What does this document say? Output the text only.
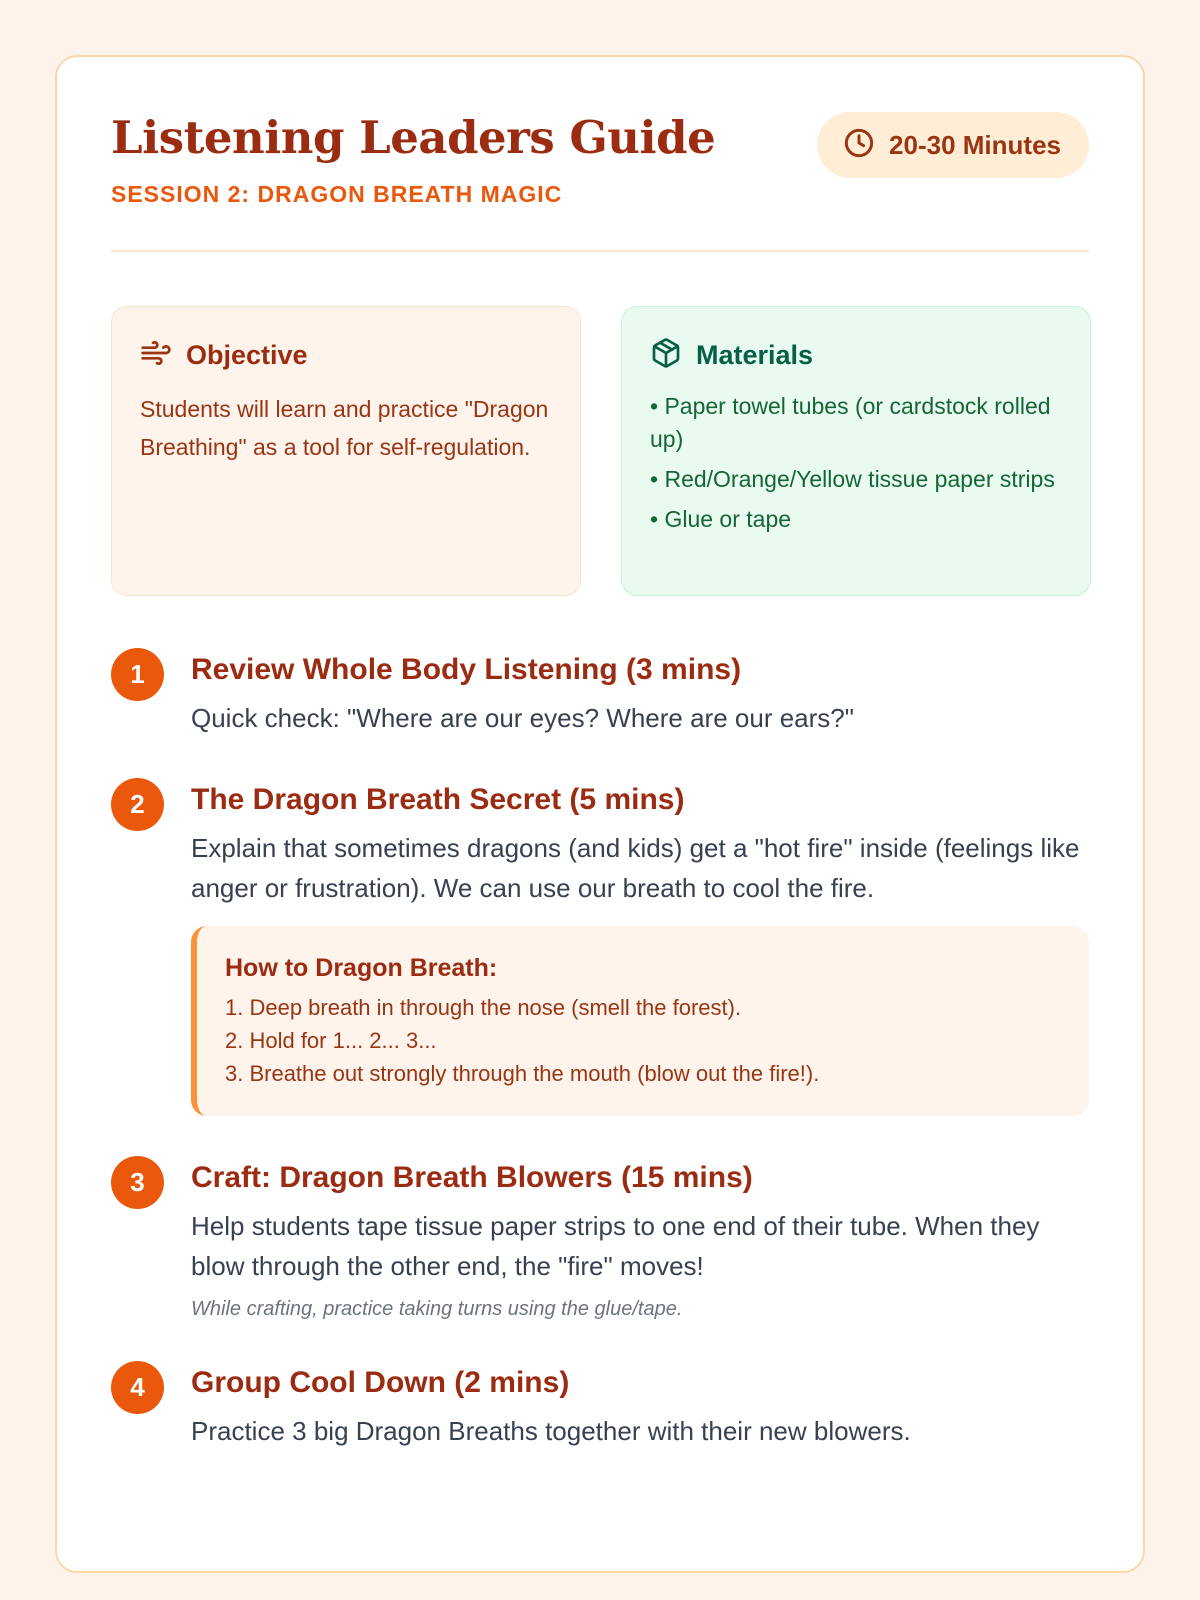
Listening Leaders Guide
SESSION 2: DRAGON BREATH MAGIC
20-30 Minutes
Objective

Students will learn and practice "Dragon Breathing" as a tool for self-regulation.

Materials
• Paper towel tubes (or cardstock rolled up)
• Red/Orange/Yellow tissue paper strips
• Glue or tape
1	Review Whole Body Listening (3 mins)

Quick check: "Where are our eyes? Where are our ears?"

2	The Dragon Breath Secret (5 mins)

Explain that sometimes dragons (and kids) get a "hot fire" inside (feelings like anger or frustration). We can use our breath to cool the fire.

How to Dragon Breath:
1. Deep breath in through the nose (smell the forest).
2. Hold for 1... 2... 3...
3. Breathe out strongly through the mouth (blow out the fire!).
3	Craft: Dragon Breath Blowers (15 mins)

Help students tape tissue paper strips to one end of their tube. When they blow through the other end, the "fire" moves!

While crafting, practice taking turns using the glue/tape.

4	Group Cool Down (2 mins)

Practice 3 big Dragon Breaths together with their new blowers.
